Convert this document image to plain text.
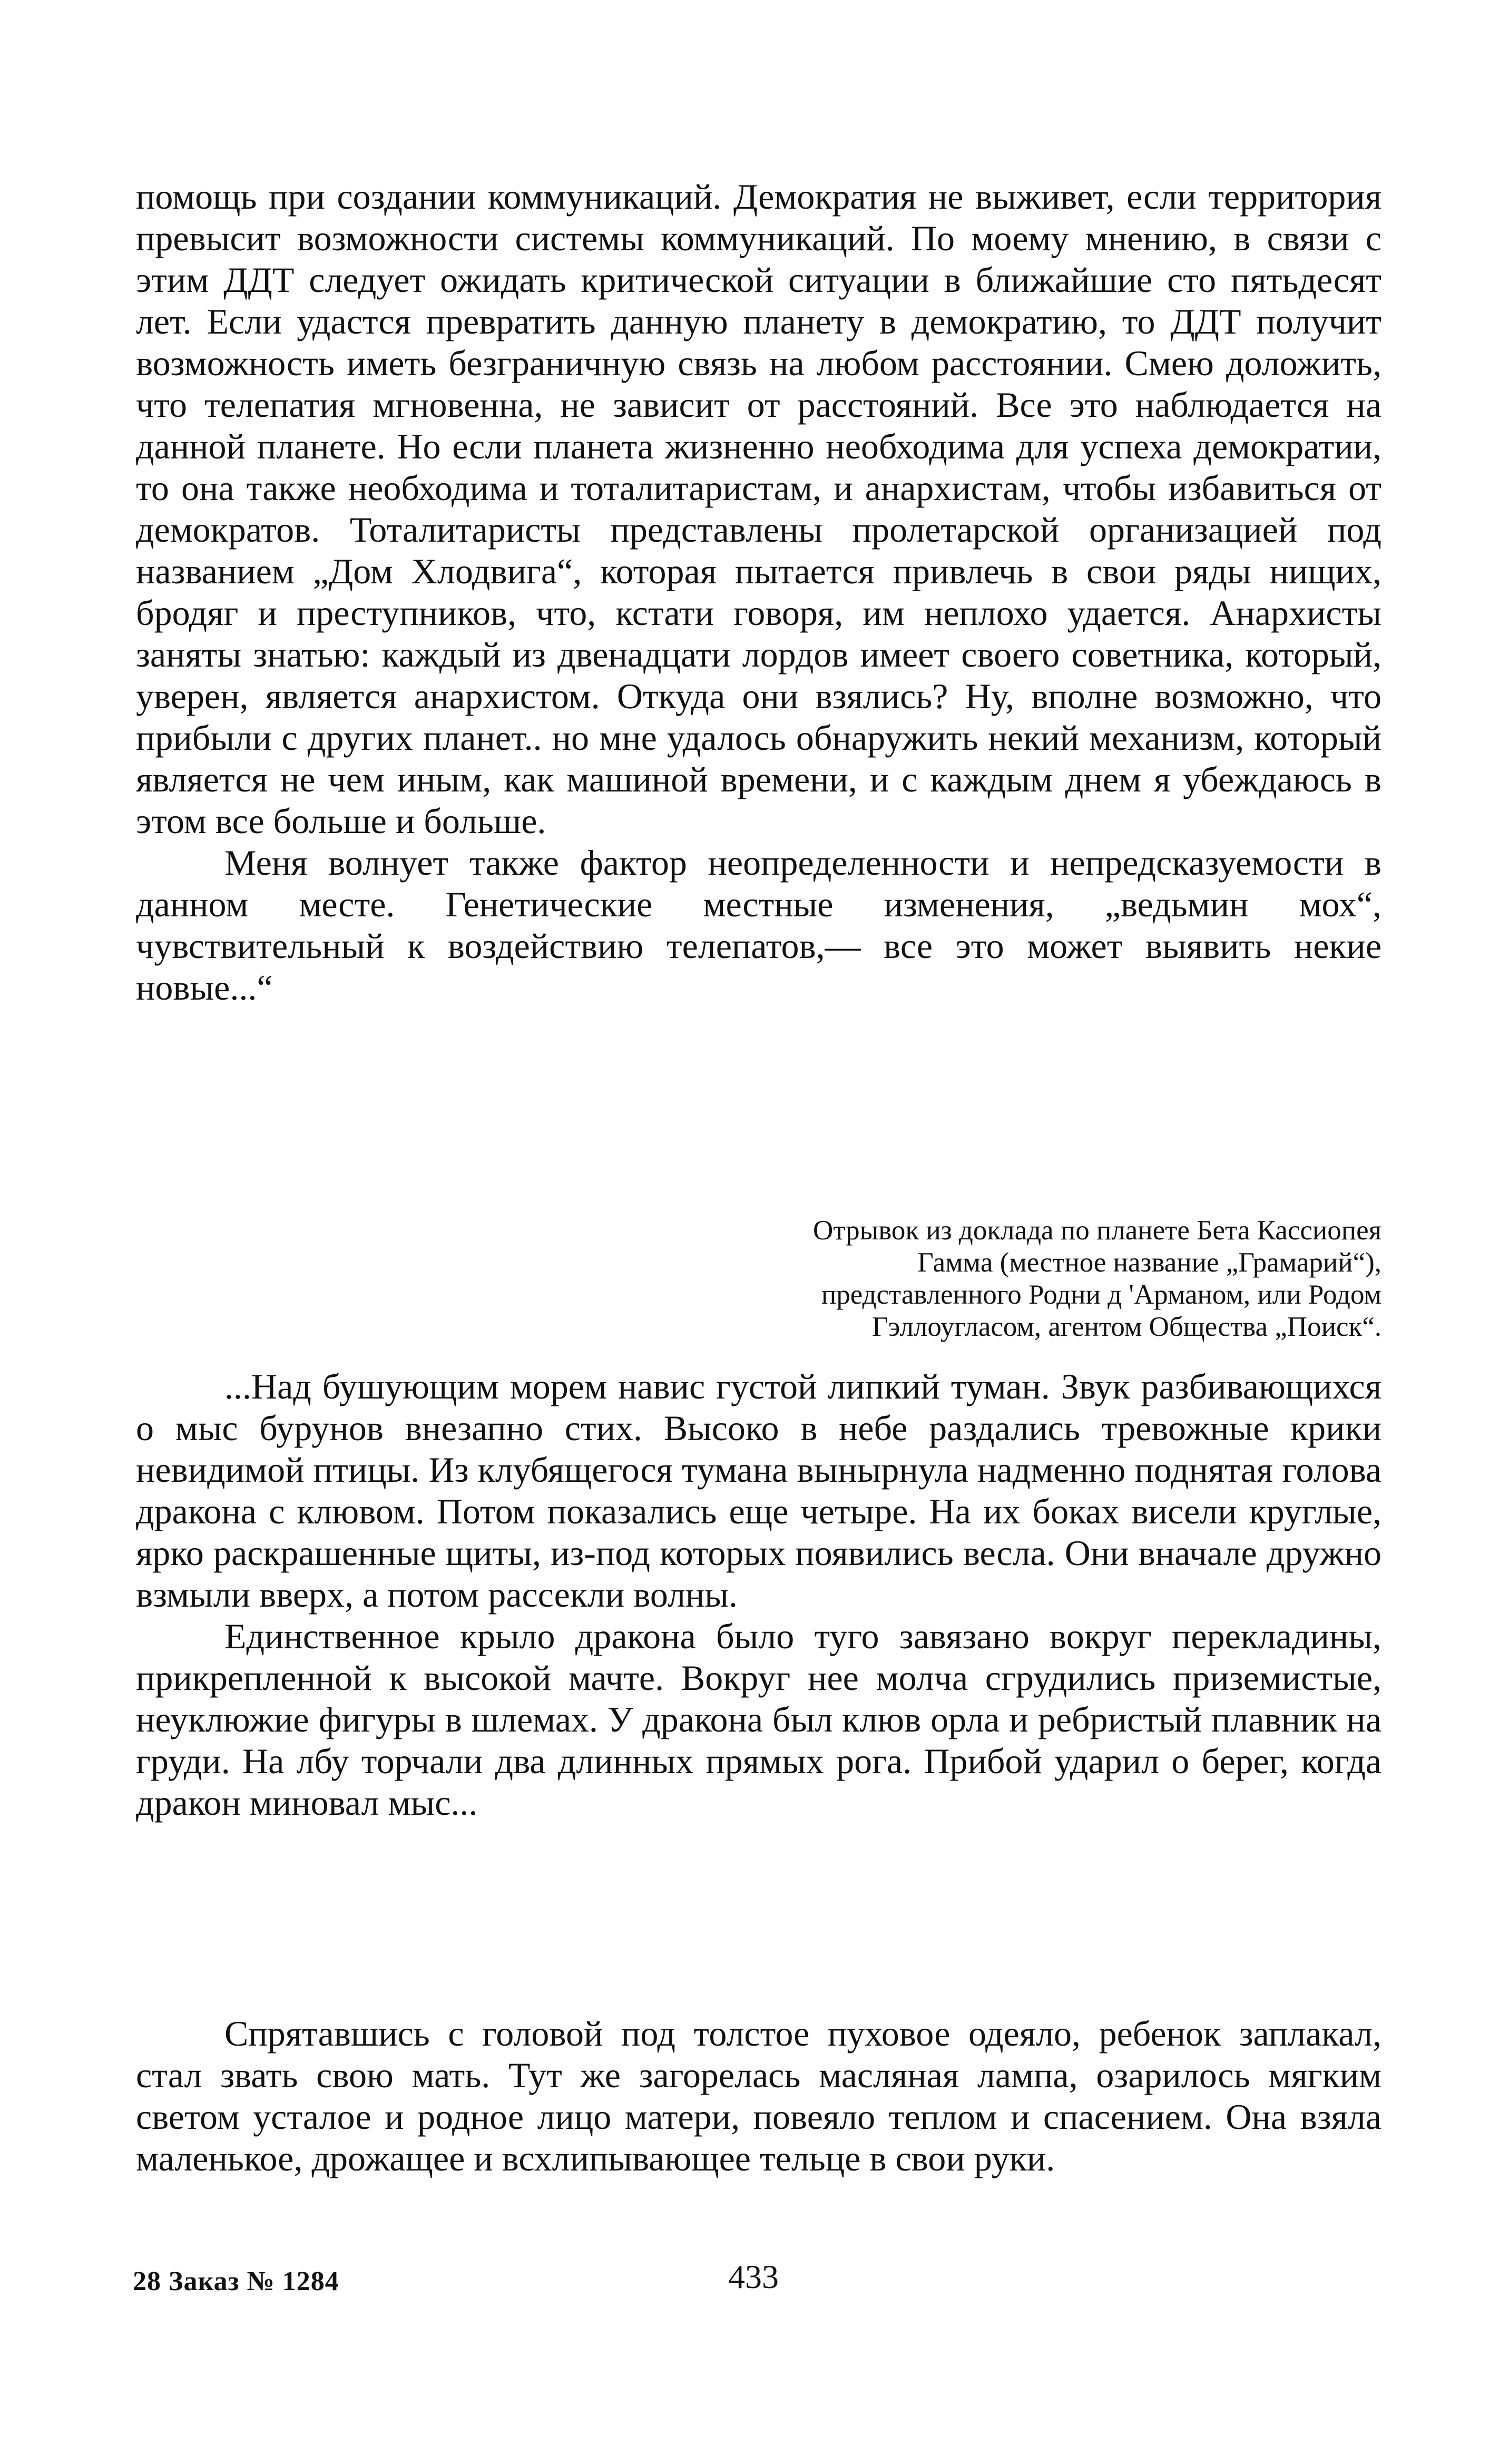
помощь при создании коммуникаций. Демократия не выживет, если территория превысит возможности системы коммуникаций. По моему мнению, в связи с этим ДДТ следует ожидать критической ситуации в ближайшие сто пятьдесят лет. Если удастся превратить данную планету в демократию, то ДДТ получит возможность иметь безграничную связь на любом расстоянии. Смею доложить, что телепатия мгновенна, не зависит от расстояний. Все это наблюдается на данной планете. Но если планета жизненно необходима для успеха демократии, то она также необходима и тоталитаристам, и анархистам, чтобы избавиться от демократов. Тоталитаристы представлены пролетарской организацией под названием „Дом Хлодвига“, которая пытается привлечь в свои ряды нищих, бродяг и преступников, что, кстати говоря, им неплохо удается. Анархисты заняты знатью: каждый из двенадцати лордов имеет своего советника, который, уверен, является анархистом. Откуда они взялись? Ну, вполне возможно, что прибыли с других планет.. но мне удалось обнаружить некий механизм, который является не чем иным, как машиной времени, и с каждым днем я убеждаюсь в этом все больше и больше.

Меня волнует также фактор неопределенности и непредсказуемости в данном месте. Генетические местные изменения, „ведьмин мох“, чувствительный к воздействию телепатов,— все это может выявить некие новые...“

Отрывок из доклада по планете Бета Кассиопея

Гамма (местное название „Грамарий“),

представленного Родни д 'Арманом, или Родом

Гэллоугласом, агентом Общества „Поиск“.

...Над бушующим морем навис густой липкий туман. Звук разбивающихся о мыс бурунов внезапно стих. Высоко в небе раздались тревожные крики невидимой птицы. Из клубящегося тумана вынырнула надменно поднятая голова дракона с клювом. Потом показались еще четыре. На их боках висели круглые, ярко раскрашенные щиты, из-под которых появились весла. Они вначале дружно взмыли вверх, а потом рассекли волны.

Единственное крыло дракона было туго завязано вокруг перекладины, прикрепленной к высокой мачте. Вокруг нее молча сгрудились приземистые, неуклюжие фигуры в шлемах. У дракона был клюв орла и ребристый плавник на груди. На лбу торчали два длинных прямых рога. Прибой ударил о берег, когда дракон миновал мыс...

Спрятавшись с головой под толстое пуховое одеяло, ребенок заплакал, стал звать свою мать. Тут же загорелась масляная лампа, озарилось мягким светом усталое и родное лицо матери, повеяло теплом и спасением. Она взяла маленькое, дрожащее и всхлипывающее тельце в свои руки.

28 Заказ № 1284	433
